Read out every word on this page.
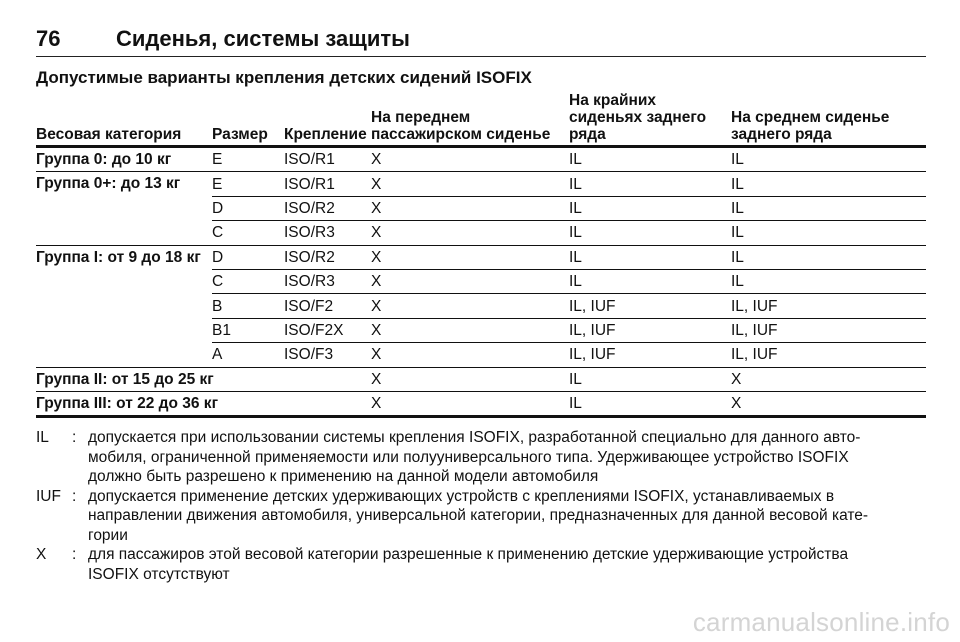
76	Сиденья, системы защиты
Допустимые варианты крепления детских сидений ISOFIX
Весовая категория	Размер	Крепление	На переднем пассажирском сиденье	На крайних сиденьях заднего ряда	На среднем сиденье заднего ряда
Группа 0: до 10 кг	E	ISO/R1	X	IL	IL
Группа 0+: до 13 кг	E	ISO/R1	X	IL	IL
	D	ISO/R2	X	IL	IL
	C	ISO/R3	X	IL	IL
Группа I: от 9 до 18 кг	D	ISO/R2	X	IL	IL
	C	ISO/R3	X	IL	IL
	B	ISO/F2	X	IL, IUF	IL, IUF
	B1	ISO/F2X	X	IL, IUF	IL, IUF
	A	ISO/F3	X	IL, IUF	IL, IUF
Группа II: от 15 до 25 кг			X	IL	X
Группа III: от 22 до 36 кг			X	IL	X
IL	: допускается при использовании системы крепления ISOFIX, разработанной специально для данного автомобиля, ограниченной применяемости или полууниверсального типа. Удерживающее устройство ISOFIX должно быть разрешено к применению на данной модели автомобиля
IUF : допускается применение детских удерживающих устройств с креплениями ISOFIX, устанавливаемых в направлении движения автомобиля, универсальной категории, предназначенных для данной весовой категории
X	: для пассажиров этой весовой категории разрешенные к применению детские удерживающие устройства ISOFIX отсутствуют
carmanualsonline.info
